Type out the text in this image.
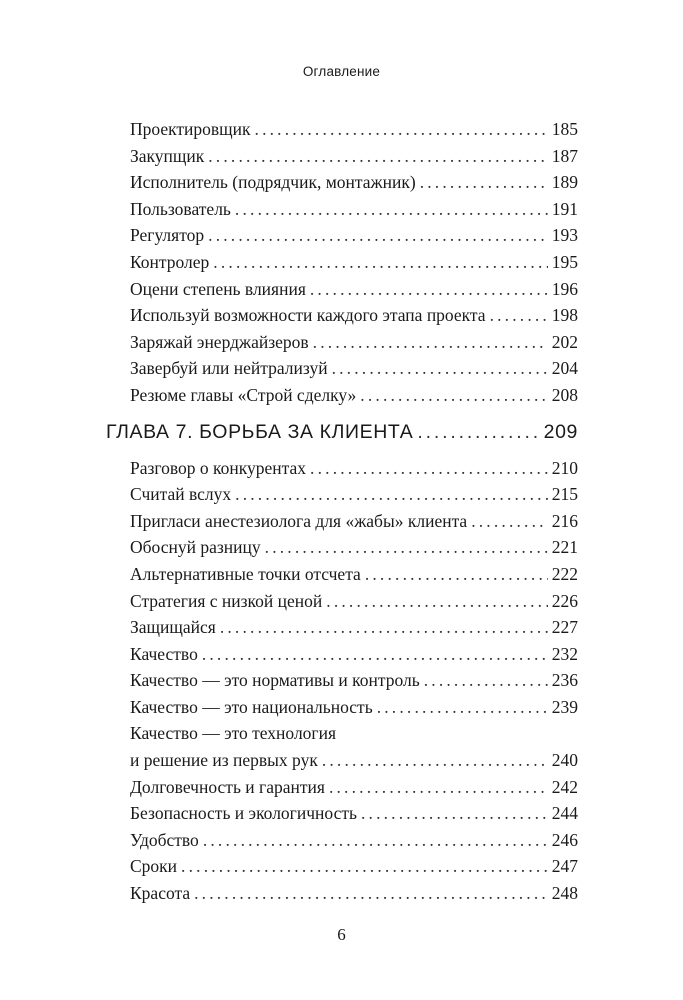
Оглавление
Проектировщик . . .	185
Закупщик . . .	187
Исполнитель (подрядчик, монтажник) . . .	189
Пользователь . . .	191
Регулятор . . .	193
Контролер . . .	195
Оцени степень влияния . . .	196
Используй возможности каждого этапа проекта . . .	198
Заряжай энерджайзеров . . .	202
Завербуй или нейтрализуй . . .	204
Резюме главы «Строй сделку» . . .	208
ГЛАВА 7. БОРЬБА ЗА КЛИЕНТА . . .	209
Разговор о конкурентах . . .	210
Считай вслух . . .	215
Пригласи анестезиолога для «жабы» клиента . . .	216
Обоснуй разницу . . .	221
Альтернативные точки отсчета . . .	222
Стратегия с низкой ценой . . .	226
Защищайся . . .	227
Качество . . .	232
Качество — это нормативы и контроль . . .	236
Качество — это национальность . . .	239
Качество — это технология
и решение из первых рук . . .	240
Долговечность и гарантия . . .	242
Безопасность и экологичность . . .	244
Удобство . . .	246
Сроки . . .	247
Красота . . .	248
6
